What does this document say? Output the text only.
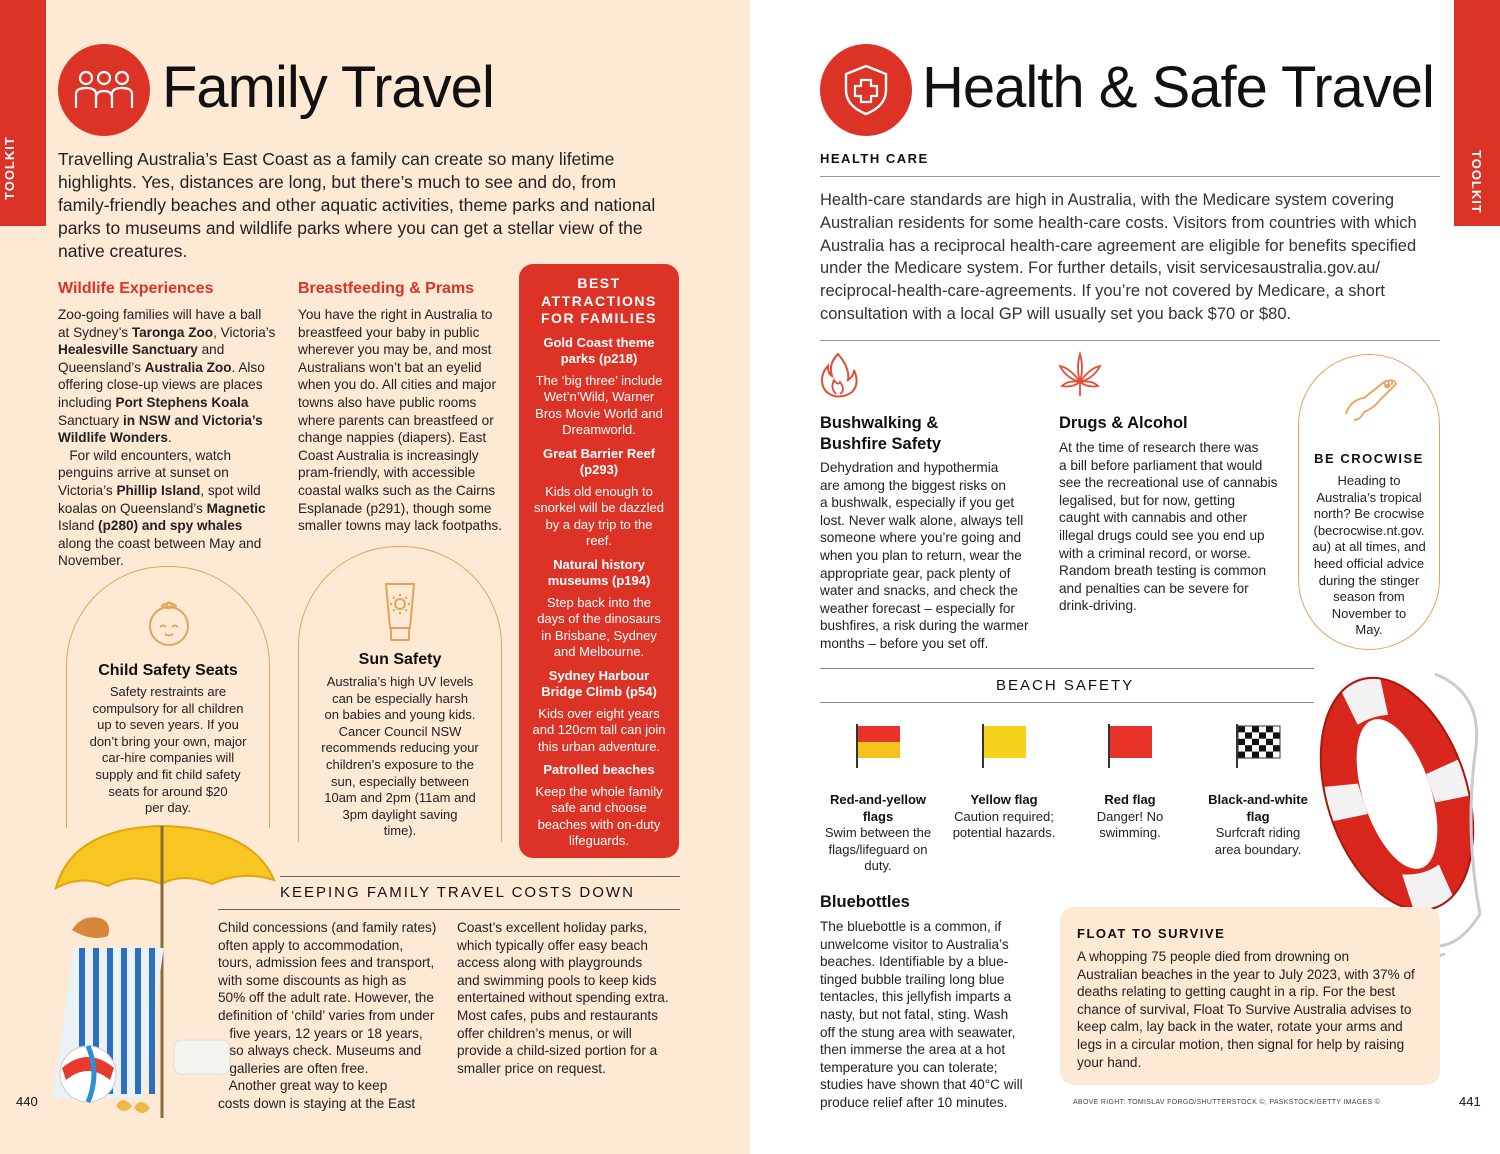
TOOLKIT
Family Travel

Travelling Australia’s East Coast as a family can create so many lifetime highlights. Yes, distances are long, but there’s much to see and do, from family-friendly beaches and other aquatic activities, theme parks and national parks to museums and wildlife parks where you can get a stellar view of the native creatures.

Wildlife Experiences
Zoo-going families will have a ball
at Sydney’s Taronga Zoo, Victoria’s
Healesville Sanctuary and
Queensland’s Australia Zoo. Also
offering close-up views are places
including Port Stephens Koala
Sanctuary in NSW and Victoria’s
Wildlife Wonders.
For wild encounters, watch
penguins arrive at sunset on
Victoria’s Phillip Island, spot wild
koalas on Queensland’s Magnetic
Island (p280) and spy whales
along the coast between May and
November.
Breastfeeding & Prams
You have the right in Australia to
breastfeed your baby in public
wherever you may be, and most
Australians won’t bat an eyelid
when you do. All cities and major
towns also have public rooms
where parents can breastfeed or
change nappies (diapers). East
Coast Australia is increasingly
pram-friendly, with accessible
coastal walks such as the Cairns
Esplanade (p291), though some
smaller towns may lack footpaths.
BEST
ATTRACTIONS
FOR FAMILIES
Gold Coast theme
parks (p218)
The ‘big three’ include
Wet’n’Wild, Warner
Bros Movie World and
Dreamworld.
Great Barrier Reef
(p293)
Kids old enough to
snorkel will be dazzled
by a day trip to the
reef.
Natural history
museums (p194)
Step back into the
days of the dinosaurs
in Brisbane, Sydney
and Melbourne.
Sydney Harbour
Bridge Climb (p54)
Kids over eight years
and 120cm tall can join
this urban adventure.
Patrolled beaches
Keep the whole family
safe and choose
beaches with on-duty
lifeguards.
Child Safety Seats
Safety restraints are
compulsory for all children
up to seven years. If you
don’t bring your own, major
car-hire companies will
supply and fit child safety
seats for around $20
per day.
Sun Safety
Australia’s high UV levels
can be especially harsh
on babies and young kids.
Cancer Council NSW
recommends reducing your
children’s exposure to the
sun, especially between
10am and 2pm (11am and
3pm daylight saving
time).
KEEPING FAMILY TRAVEL COSTS DOWN
Child concessions (and family rates)
often apply to accommodation,
tours, admission fees and transport,
with some discounts as high as
50% off the adult rate. However, the
definition of ‘child’ varies from under
five years, 12 years or 18 years,
so always check. Museums and
galleries are often free.
Another great way to keep
costs down is staying at the East
Coast’s excellent holiday parks,
which typically offer easy beach
access along with playgrounds
and swimming pools to keep kids
entertained without spending extra.
Most cafes, pubs and restaurants
offer children’s menus, or will
provide a child-sized portion for a
smaller price on request.
440
TOOLKIT
Health & Safe Travel
HEALTH CARE
Health-care standards are high in Australia, with the Medicare system covering
Australian residents for some health-care costs. Visitors from countries with which
Australia has a reciprocal health-care agreement are eligible for benefits specified
under the Medicare system. For further details, visit servicesaustralia.gov.au/
reciprocal-health-care-agreements. If you’re not covered by Medicare, a short
consultation with a local GP will usually set you back $70 or $80.
Bushwalking &
Bushfire Safety
Dehydration and hypothermia
are among the biggest risks on
a bushwalk, especially if you get
lost. Never walk alone, always tell
someone where you’re going and
when you plan to return, wear the
appropriate gear, pack plenty of
water and snacks, and check the
weather forecast – especially for
bushfires, a risk during the warmer
months – before you set off.
Drugs & Alcohol
At the time of research there was
a bill before parliament that would
see the recreational use of cannabis
legalised, but for now, getting
caught with cannabis and other
illegal drugs could see you end up
with a criminal record, or worse.
Random breath testing is common
and penalties can be severe for
drink-driving.
BE CROCWISE
Heading to
Australia’s tropical
north? Be crocwise
(becrocwise.nt.gov.
au) at all times, and
heed official advice
during the stinger
season from
November to
May.
BEACH SAFETY
Red-and-yellow
flags
Swim between the
flags/lifeguard on
duty.
Yellow flag
Caution required;
potential hazards.
Red flag
Danger! No
swimming.
Black-and-white
flag
Surfcraft riding
area boundary.
Bluebottles
The bluebottle is a common, if
unwelcome visitor to Australia’s
beaches. Identifiable by a blue-
tinged bubble trailing long blue
tentacles, this jellyfish imparts a
nasty, but not fatal, sting. Wash
off the stung area with seawater,
then immerse the area at a hot
temperature you can tolerate;
studies have shown that 40°C will
produce relief after 10 minutes.
FLOAT TO SURVIVE
A whopping 75 people died from drowning on
Australian beaches in the year to July 2023, with 37% of
deaths relating to getting caught in a rip. For the best
chance of survival, Float To Survive Australia advises to
keep calm, lay back in the water, rotate your arms and
legs in a circular motion, then signal for help by raising
your hand.
ABOVE RIGHT: TOMISLAV FORGO/SHUTTERSTOCK ©, PASKSTOCK/GETTY IMAGES ©	441
